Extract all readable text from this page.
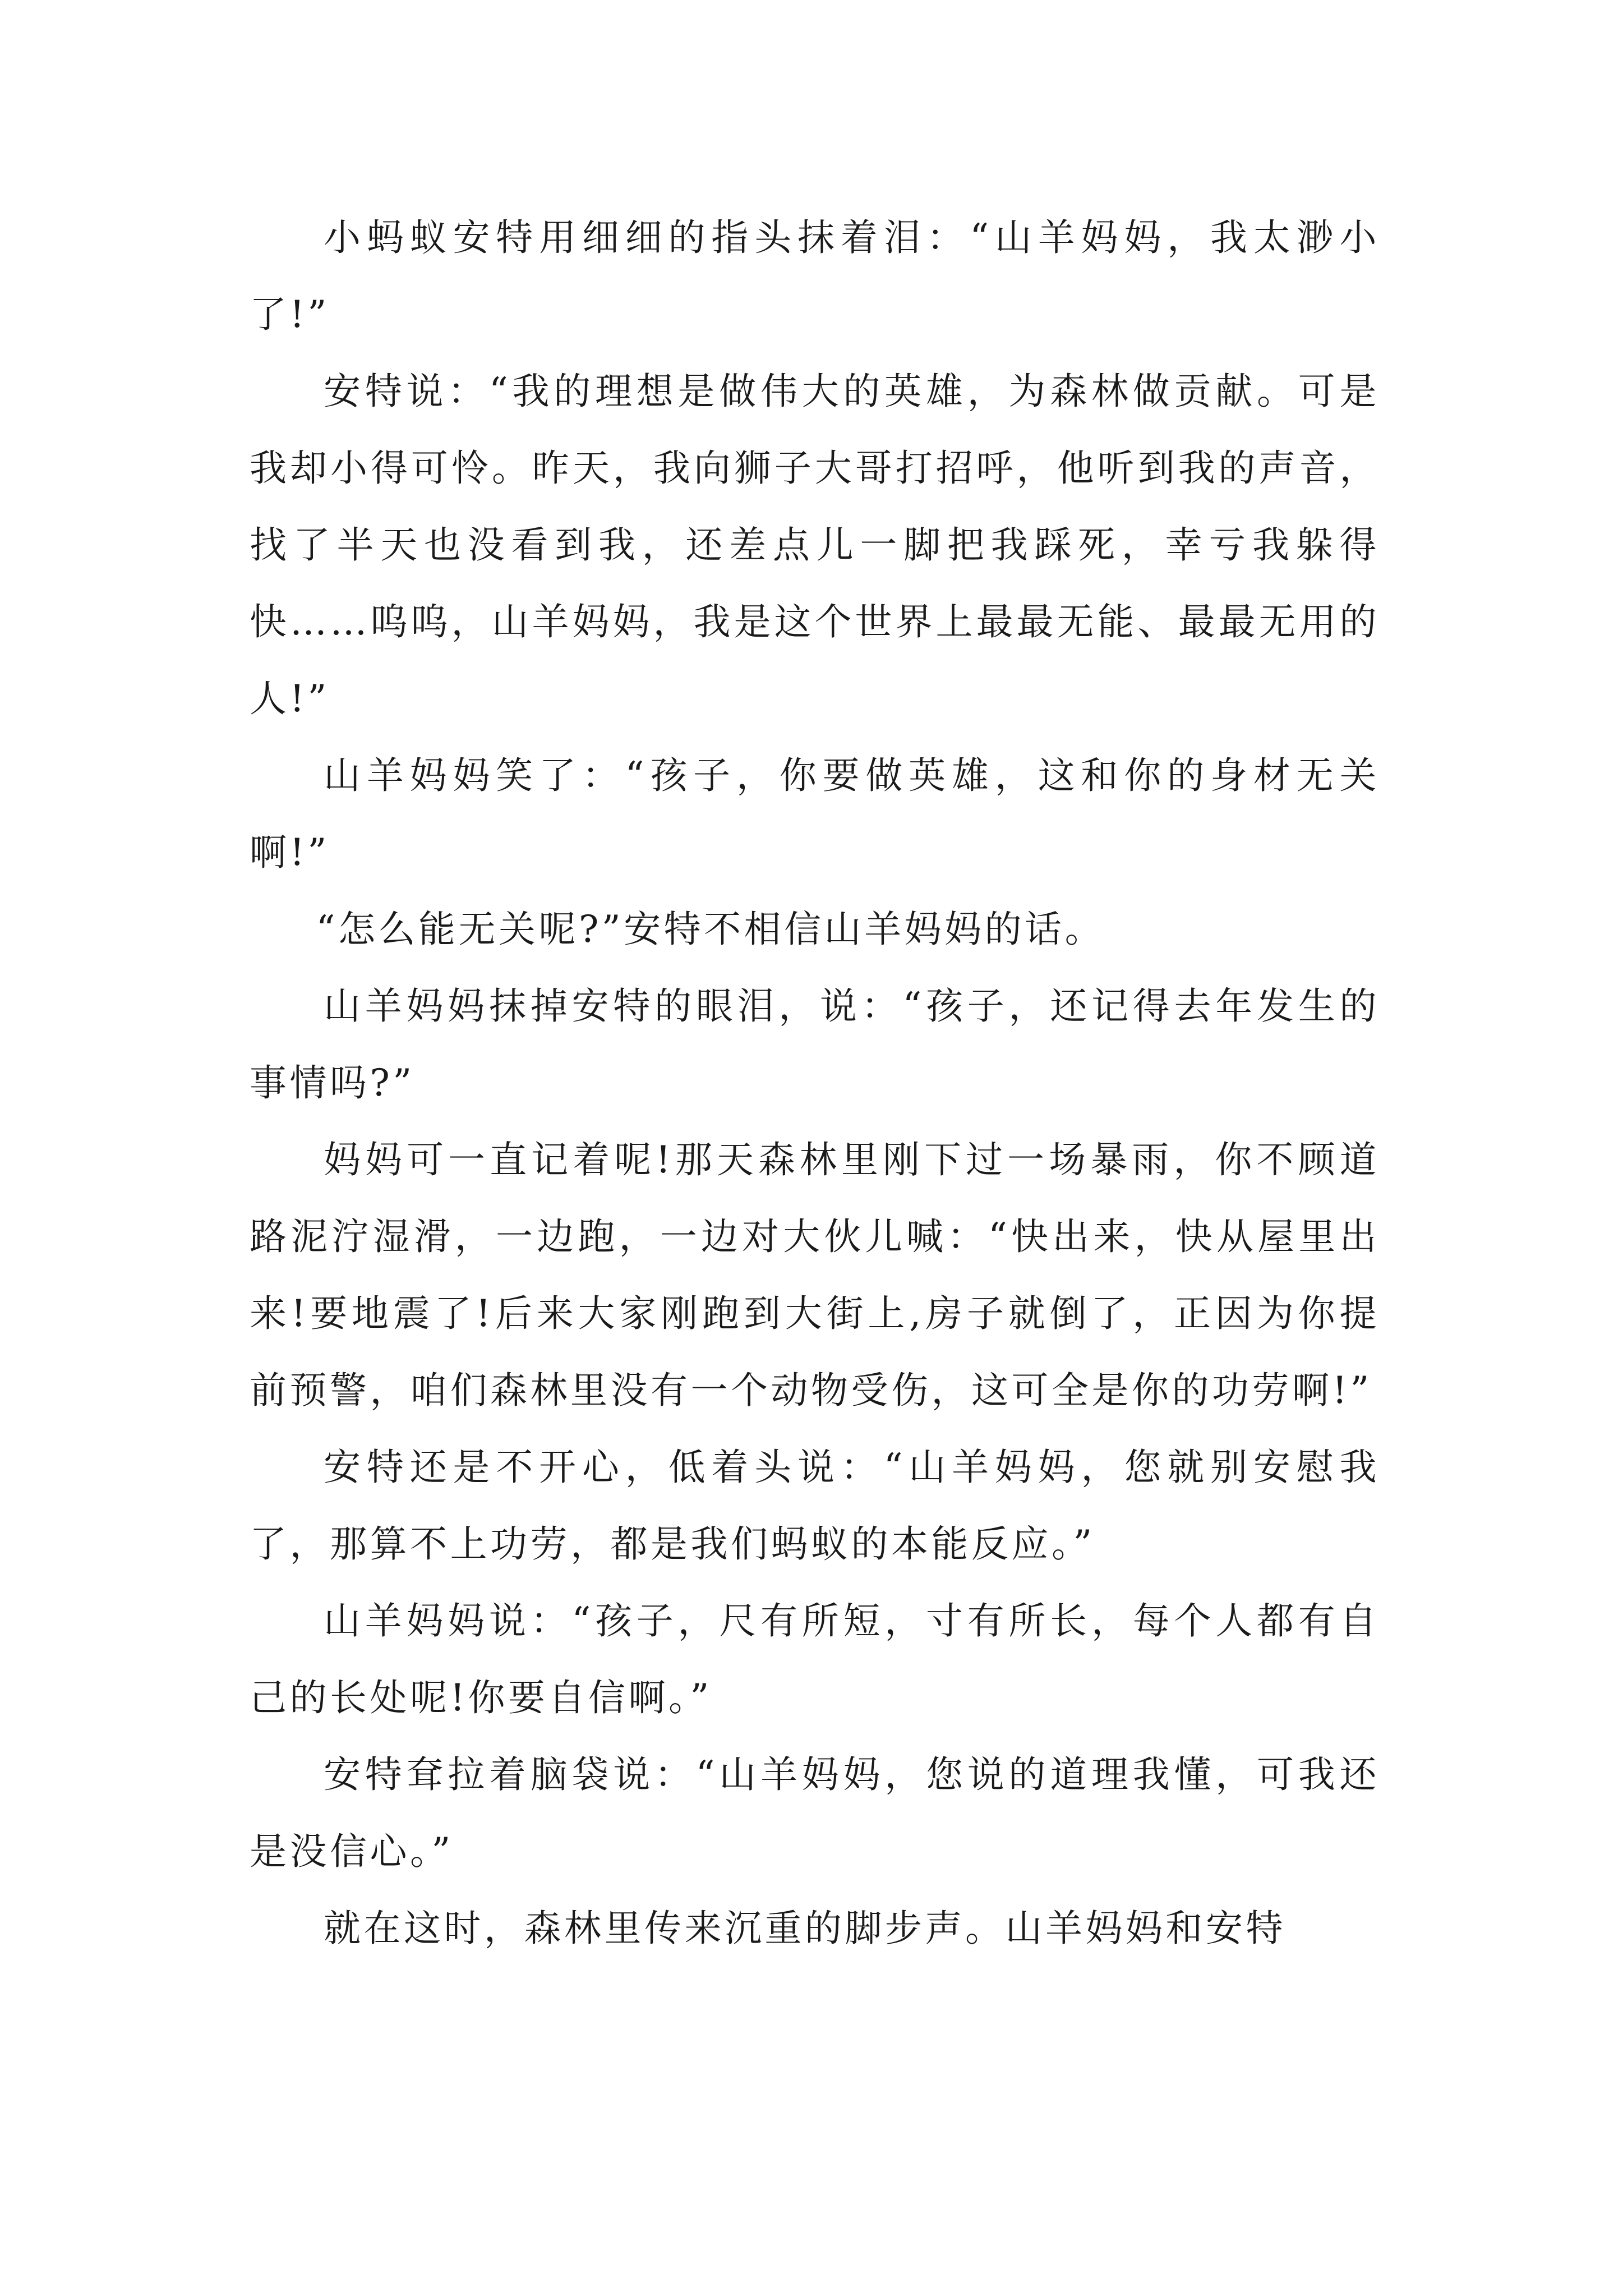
小蚂蚁安特用细细的指头抹着泪：“山羊妈妈，我太渺小了!”

安特说：“我的理想是做伟大的英雄，为森林做贡献。可是我却小得可怜。昨天，我向狮子大哥打招呼，他听到我的声音，找了半天也没看到我，还差点儿一脚把我踩死，幸亏我躲得快……呜呜，山羊妈妈，我是这个世界上最最无能、最最无用的人!”

山羊妈妈笑了：“孩子，你要做英雄，这和你的身材无关啊!”

“怎么能无关呢?”安特不相信山羊妈妈的话。

山羊妈妈抹掉安特的眼泪，说：“孩子，还记得去年发生的事情吗?”

妈妈可一直记着呢!那天森林里刚下过一场暴雨，你不顾道路泥泞湿滑，一边跑，一边对大伙儿喊：“快出来，快从屋里出来!要地震了!后来大家刚跑到大街上,房子就倒了，正因为你提前预警，咱们森林里没有一个动物受伤，这可全是你的功劳啊!”

安特还是不开心，低着头说：“山羊妈妈，您就别安慰我了，那算不上功劳，都是我们蚂蚁的本能反应。”

山羊妈妈说：“孩子，尺有所短，寸有所长，每个人都有自己的长处呢!你要自信啊。”

安特耷拉着脑袋说：“山羊妈妈，您说的道理我懂，可我还是没信心。”

就在这时，森林里传来沉重的脚步声。山羊妈妈和安特
